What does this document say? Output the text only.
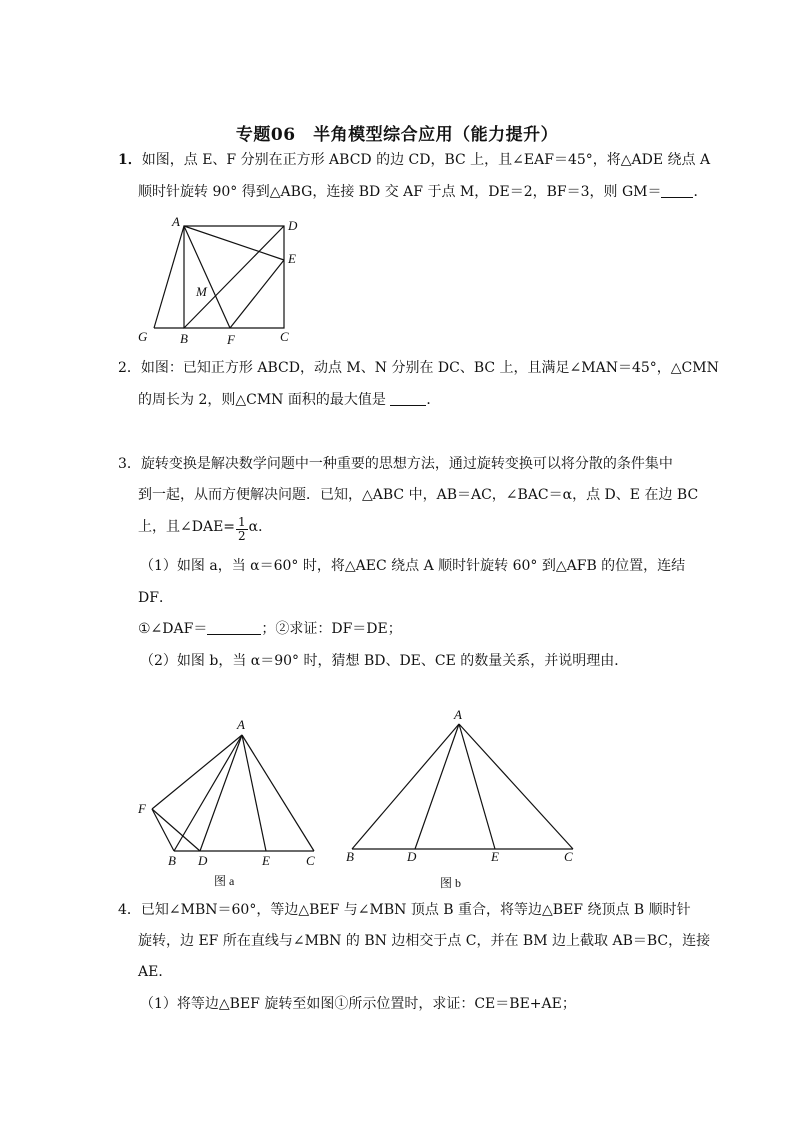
专题06　半角模型综合应用（能力提升）
1．如图，点 E、F 分别在正方形 ABCD 的边 CD，BC 上，且∠EAF＝45°，将△ADE 绕点 A
顺时针旋转 90° 得到△ABG，连接 BD 交 AF 于点 M，DE＝2，BF＝3，则 GM＝ ．
A	D
E
M
G	B	F	C
2．如图：已知正方形 ABCD，动点 M、N 分别在 DC、BC 上，且满足∠MAN＝45°，△CMN
的周长为 2，则△CMN 面积的最大值是	．
3．旋转变换是解决数学问题中一种重要的思想方法，通过旋转变换可以将分散的条件集中
到一起，从而方便解决问题．已知，△ABC 中，AB＝AC，∠BAC＝α，点 D、E 在边 BC
上，且∠DAE= $\frac{1}{2}$ α．
（1）如图 a，当 α＝60° 时，将△AEC 绕点 A 顺时针旋转 60° 到△AFB 的位置，连结
DF．
①∠DAF＝	；②求证：DF＝DE；
（2）如图 b，当 α＝90° 时，猜想 BD、DE、CE 的数量关系，并说明理由．
A
F
B D	E	C
图 a
A
B	D	E	C
图 b
4．已知∠MBN＝60°，等边△BEF 与∠MBN 顶点 B 重合，将等边△BEF 绕顶点 B 顺时针
旋转，边 EF 所在直线与∠MBN 的 BN 边相交于点 C，并在 BM 边上截取 AB＝BC，连接
AE．
（1）将等边△BEF 旋转至如图①所示位置时，求证：CE＝BE+AE；
